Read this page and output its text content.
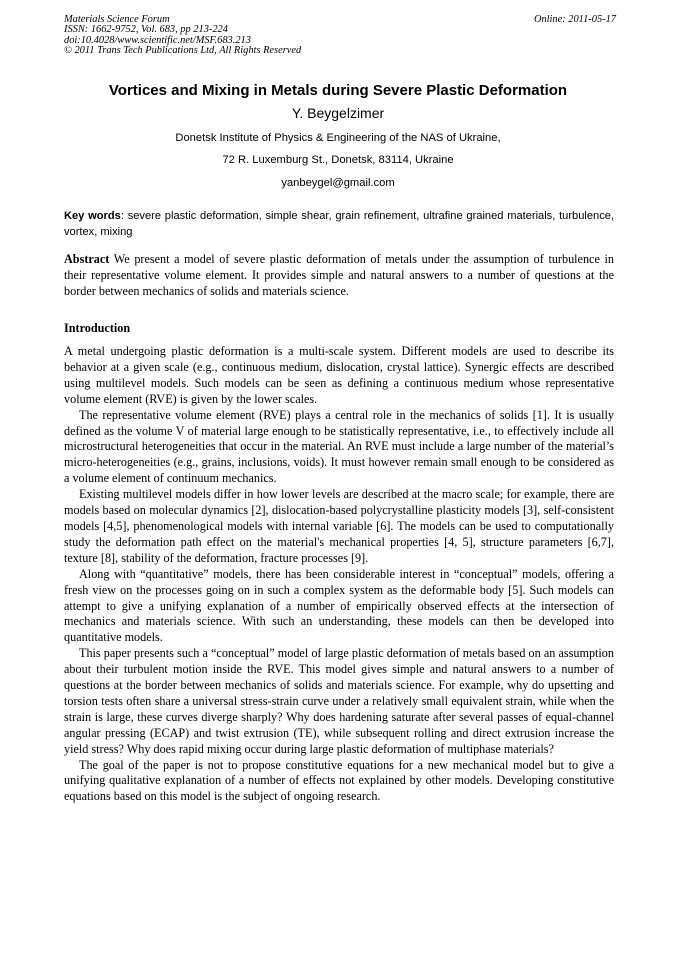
Materials Science Forum
ISSN: 1662-9752, Vol. 683, pp 213-224
doi:10.4028/www.scientific.net/MSF.683.213
© 2011 Trans Tech Publications Ltd, All Rights Reserved
Online: 2011-05-17
Vortices and Mixing in Metals during Severe Plastic Deformation
Y. Beygelzimer
Donetsk Institute of Physics & Engineering of the NAS of Ukraine,
72 R. Luxemburg St., Donetsk, 83114, Ukraine
yanbeygel@gmail.com
Key words: severe plastic deformation, simple shear, grain refinement, ultrafine grained materials, turbulence, vortex, mixing
Abstract We present a model of severe plastic deformation of metals under the assumption of turbulence in their representative volume element. It provides simple and natural answers to a number of questions at the border between mechanics of solids and materials science.
Introduction

A metal undergoing plastic deformation is a multi-scale system. Different models are used to describe its behavior at a given scale (e.g., continuous medium, dislocation, crystal lattice). Synergic effects are described using multilevel models. Such models can be seen as defining a continuous medium whose representative volume element (RVE) is given by the lower scales.

The representative volume element (RVE) plays a central role in the mechanics of solids [1]. It is usually defined as the volume V of material large enough to be statistically representative, i.e., to effectively include all microstructural heterogeneities that occur in the material. An RVE must include a large number of the material’s micro-heterogeneities (e.g., grains, inclusions, voids). It must however remain small enough to be considered as a volume element of continuum mechanics.

Existing multilevel models differ in how lower levels are described at the macro scale; for example, there are models based on molecular dynamics [2], dislocation-based polycrystalline plasticity models [3], self-consistent models [4,5], phenomenological models with internal variable [6]. The models can be used to computationally study the deformation path effect on the material's mechanical properties [4, 5], structure parameters [6,7], texture [8], stability of the deformation, fracture processes [9].

Along with “quantitative” models, there has been considerable interest in “conceptual” models, offering a fresh view on the processes going on in such a complex system as the deformable body [5]. Such models can attempt to give a unifying explanation of a number of empirically observed effects at the intersection of mechanics and materials science. With such an understanding, these models can then be developed into quantitative models.

This paper presents such a “conceptual” model of large plastic deformation of metals based on an assumption about their turbulent motion inside the RVE. This model gives simple and natural answers to a number of questions at the border between mechanics of solids and materials science. For example, why do upsetting and torsion tests often share a universal stress-strain curve under a relatively small equivalent strain, while when the strain is large, these curves diverge sharply? Why does hardening saturate after several passes of equal-channel angular pressing (ECAP) and twist extrusion (TE), while subsequent rolling and direct extrusion increase the yield stress? Why does rapid mixing occur during large plastic deformation of multiphase materials?

The goal of the paper is not to propose constitutive equations for a new mechanical model but to give a unifying qualitative explanation of a number of effects not explained by other models. Developing constitutive equations based on this model is the subject of ongoing research.
